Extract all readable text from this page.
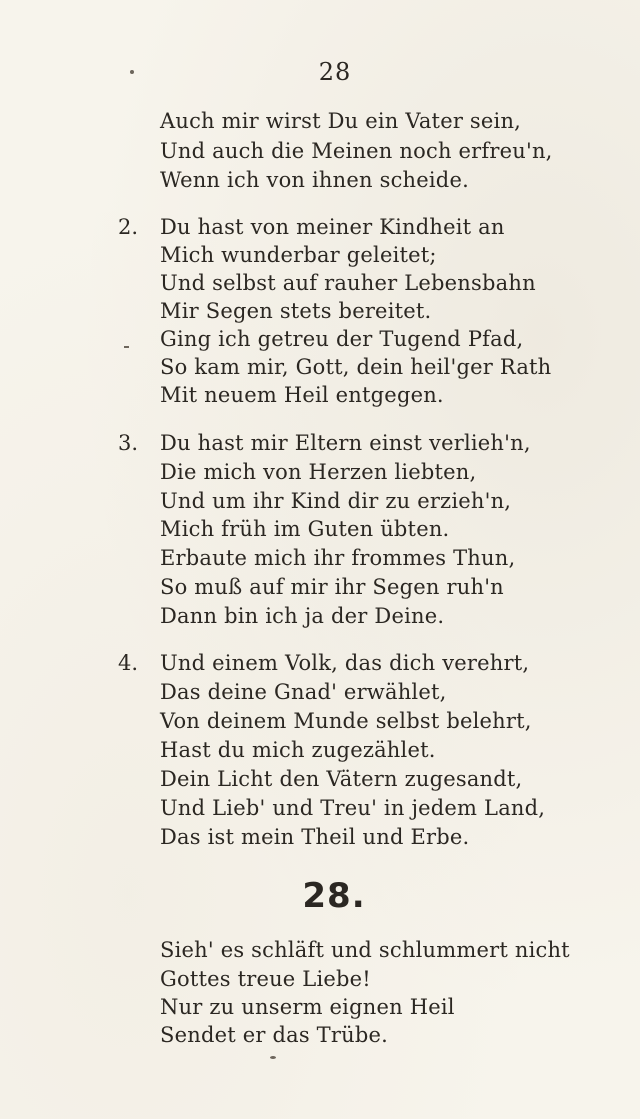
28
Auch mir wirst Du ein Vater sein,
Und auch die Meinen noch erfreu'n,
Wenn ich von ihnen scheide.
2. Du hast von meiner Kindheit an
Mich wunderbar geleitet;
Und selbst auf rauher Lebensbahn
Mir Segen stets bereitet.
Ging ich getreu der Tugend Pfad,
So kam mir, Gott, dein heil'ger Rath
Mit neuem Heil entgegen.
3. Du hast mir Eltern einst verlieh'n,
Die mich von Herzen liebten,
Und um ihr Kind dir zu erzieh'n,
Mich früh im Guten übten.
Erbaute mich ihr frommes Thun,
So muß auf mir ihr Segen ruh'n
Dann bin ich ja der Deine.
4. Und einem Volk, das dich verehrt,
Das deine Gnad' erwählet,
Von deinem Munde selbst belehrt,
Hast du mich zugezählet.
Dein Licht den Vätern zugesandt,
Und Lieb' und Treu' in jedem Land,
Das ist mein Theil und Erbe.
28.
Sieh' es schläft und schlummert nicht
Gottes treue Liebe!
Nur zu unserm eignen Heil
Sendet er das Trübe.
